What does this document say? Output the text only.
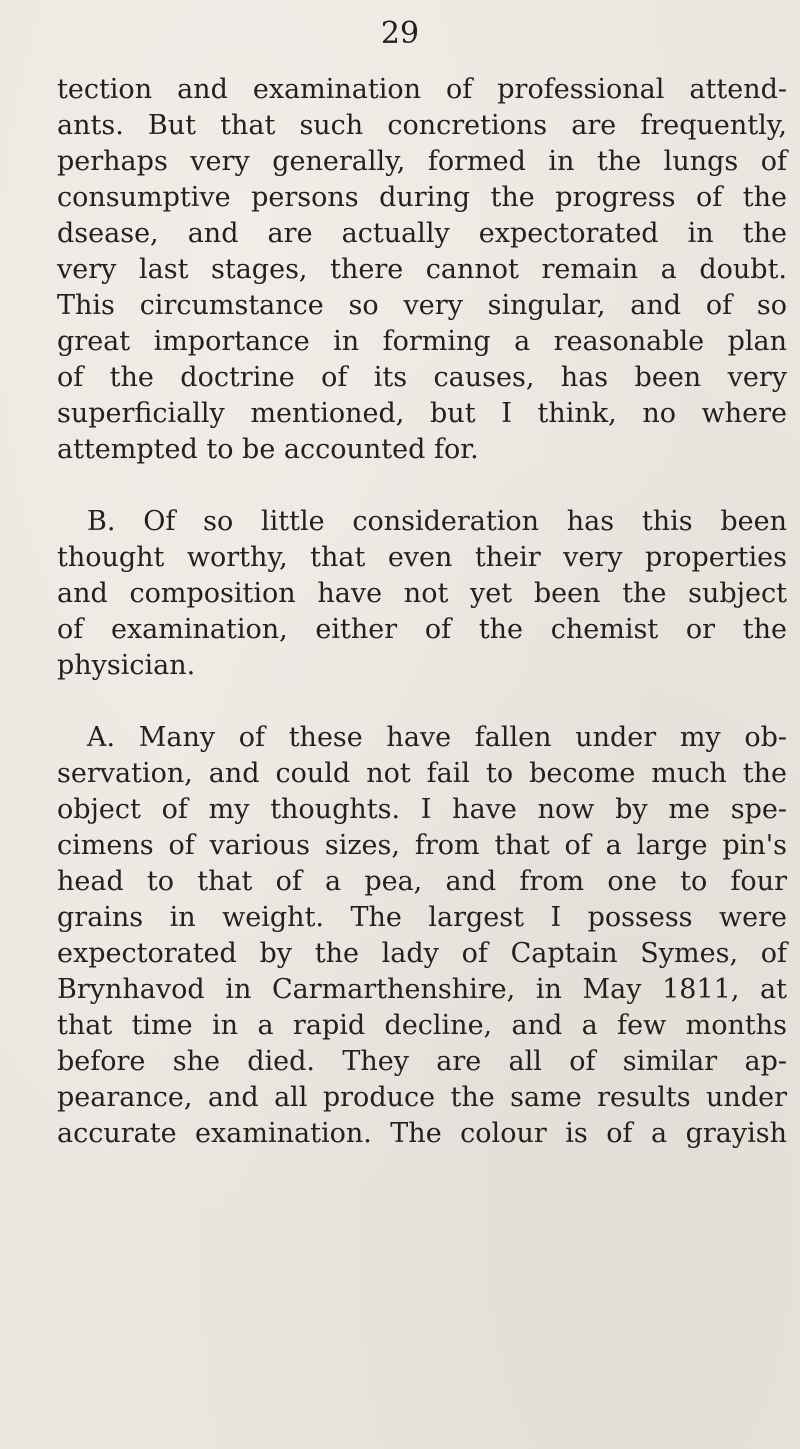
29

tection and examination of professional attend-
ants. But that such concretions are frequently,
perhaps very generally, formed in the lungs of
consumptive persons during the progress of the
dsease, and are actually expectorated in the
very last stages, there cannot remain a doubt.
This circumstance so very singular, and of so
great importance in forming a reasonable plan
of the doctrine of its causes, has been very
superficially mentioned, but I think, no where
attempted to be accounted for.

B. Of so little consideration has this been
thought worthy, that even their very properties
and composition have not yet been the subject
of examination, either of the chemist or the
physician.

A. Many of these have fallen under my ob-
servation, and could not fail to become much the
object of my thoughts. I have now by me spe-
cimens of various sizes, from that of a large pin's
head to that of a pea, and from one to four
grains in weight. The largest I possess were
expectorated by the lady of Captain Symes, of
Brynhavod in Carmarthenshire, in May 1811, at
that time in a rapid decline, and a few months
before she died. They are all of similar ap-
pearance, and all produce the same results under
accurate examination. The colour is of a grayish
